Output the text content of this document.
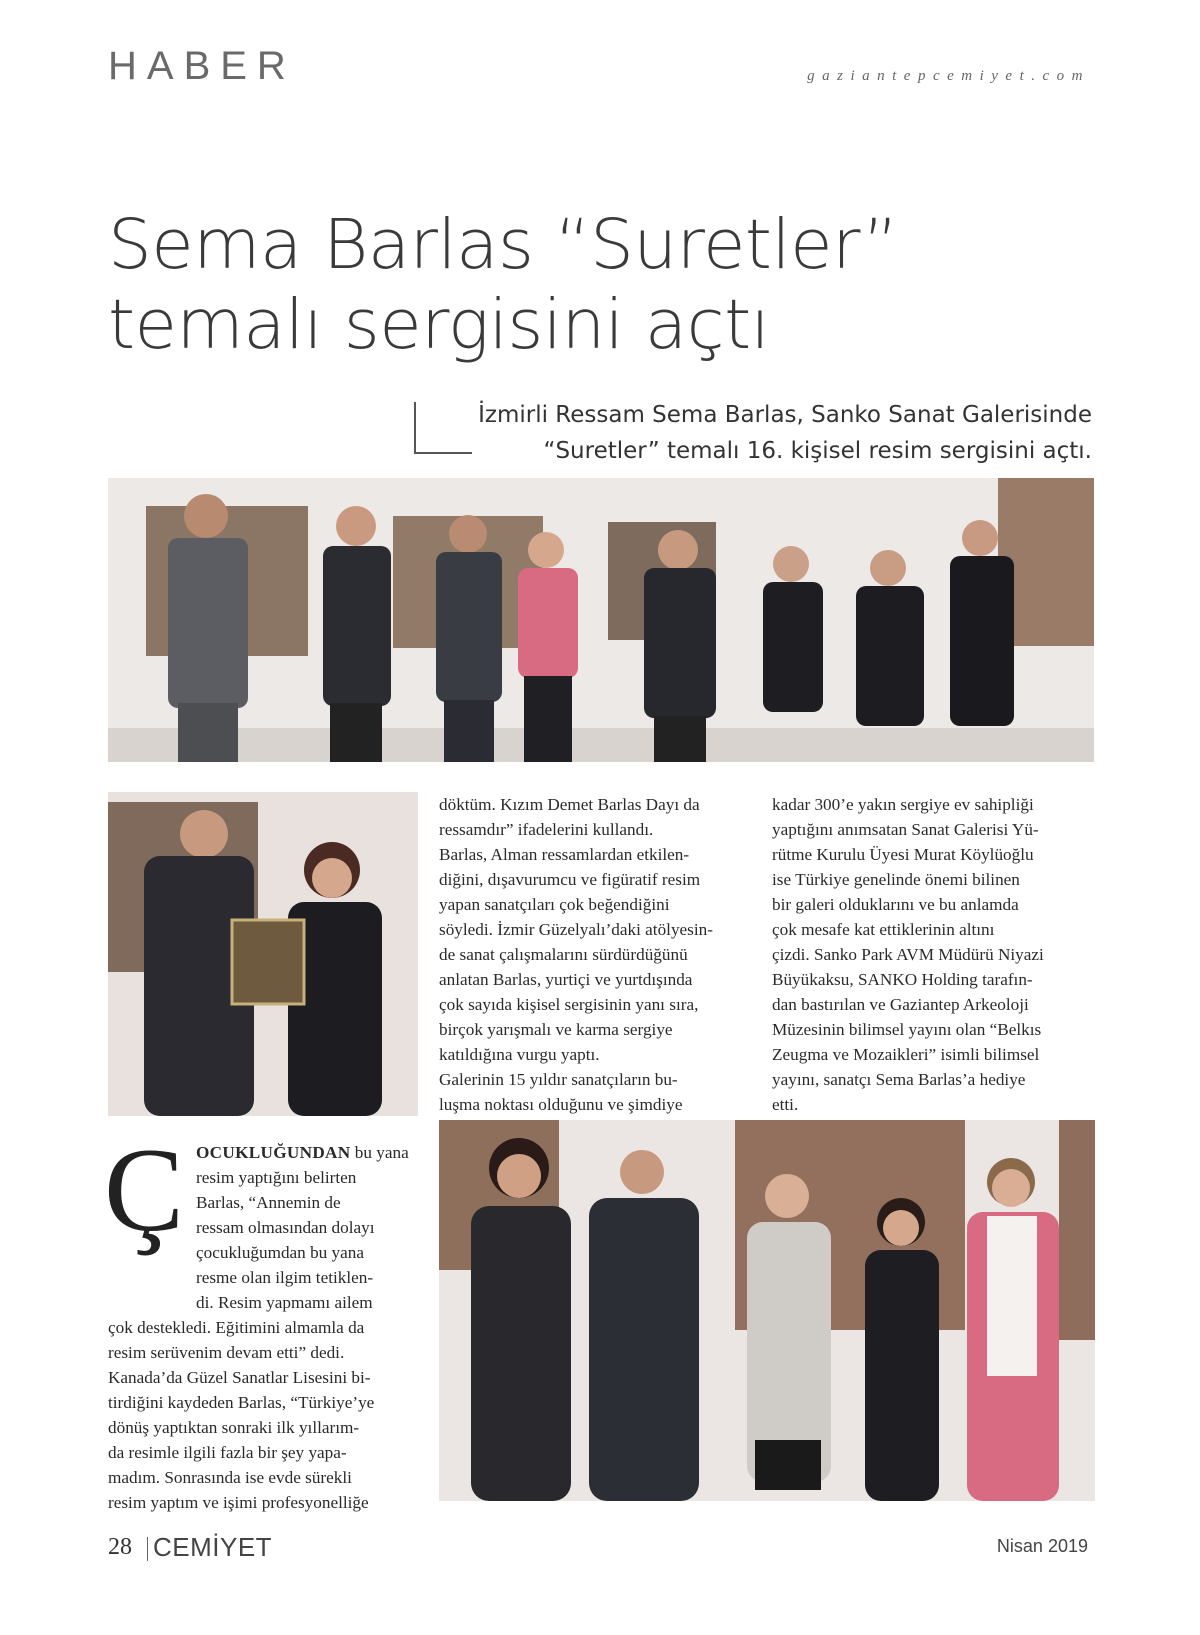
HABER	gaziantepcemiyet.com
Sema Barlas “Suretler”
temalı sergisini açtı
İzmirli Ressam Sema Barlas, Sanko Sanat Galerisinde
“Suretler” temalı 16. kişisel resim sergisini açtı.
döktüm. Kızım Demet Barlas Dayı da
ressamdır” ifadelerini kullandı.
Barlas, Alman ressamlardan etkilen-
diğini, dışavurumcu ve figüratif resim
yapan sanatçıları çok beğendiğini
söyledi. İzmir Güzelyalı’daki atölyesin-
de sanat çalışmalarını sürdürdüğünü
anlatan Barlas, yurtiçi ve yurtdışında
çok sayıda kişisel sergisinin yanı sıra,
birçok yarışmalı ve karma sergiye
katıldığına vurgu yaptı.
Galerinin 15 yıldır sanatçıların bu-
luşma noktası olduğunu ve şimdiye
kadar 300’e yakın sergiye ev sahipliği
yaptığını anımsatan Sanat Galerisi Yü-
rütme Kurulu Üyesi Murat Köylüoğlu
ise Türkiye genelinde önemi bilinen
bir galeri olduklarını ve bu anlamda
çok mesafe kat ettiklerinin altını
çizdi. Sanko Park AVM Müdürü Niyazi
Büyükaksu, SANKO Holding tarafın-
dan bastırılan ve Gaziantep Arkeoloji
Müzesinin bilimsel yayını olan “Belkıs
Zeugma ve Mozaikleri” isimli bilimsel
yayını, sanatçı Sema Barlas’a hediye
etti.
Ç OCUKLUĞUNDAN bu yana
resim yaptığını belirten
Barlas, “Annemin de
ressam olmasından dolayı
çocukluğumdan bu yana
resme olan ilgim tetiklen-
di. Resim yapmamı ailem
çok destekledi. Eğitimini almamla da
resim serüvenim devam etti” dedi.
Kanada’da Güzel Sanatlar Lisesini bi-
tirdiğini kaydeden Barlas, “Türkiye’ye
dönüş yaptıktan sonraki ilk yıllarım-
da resimle ilgili fazla bir şey yapa-
madım. Sonrasında ise evde sürekli
resim yaptım ve işimi profesyonelliğe
28 CEMİYET	Nisan 2019
